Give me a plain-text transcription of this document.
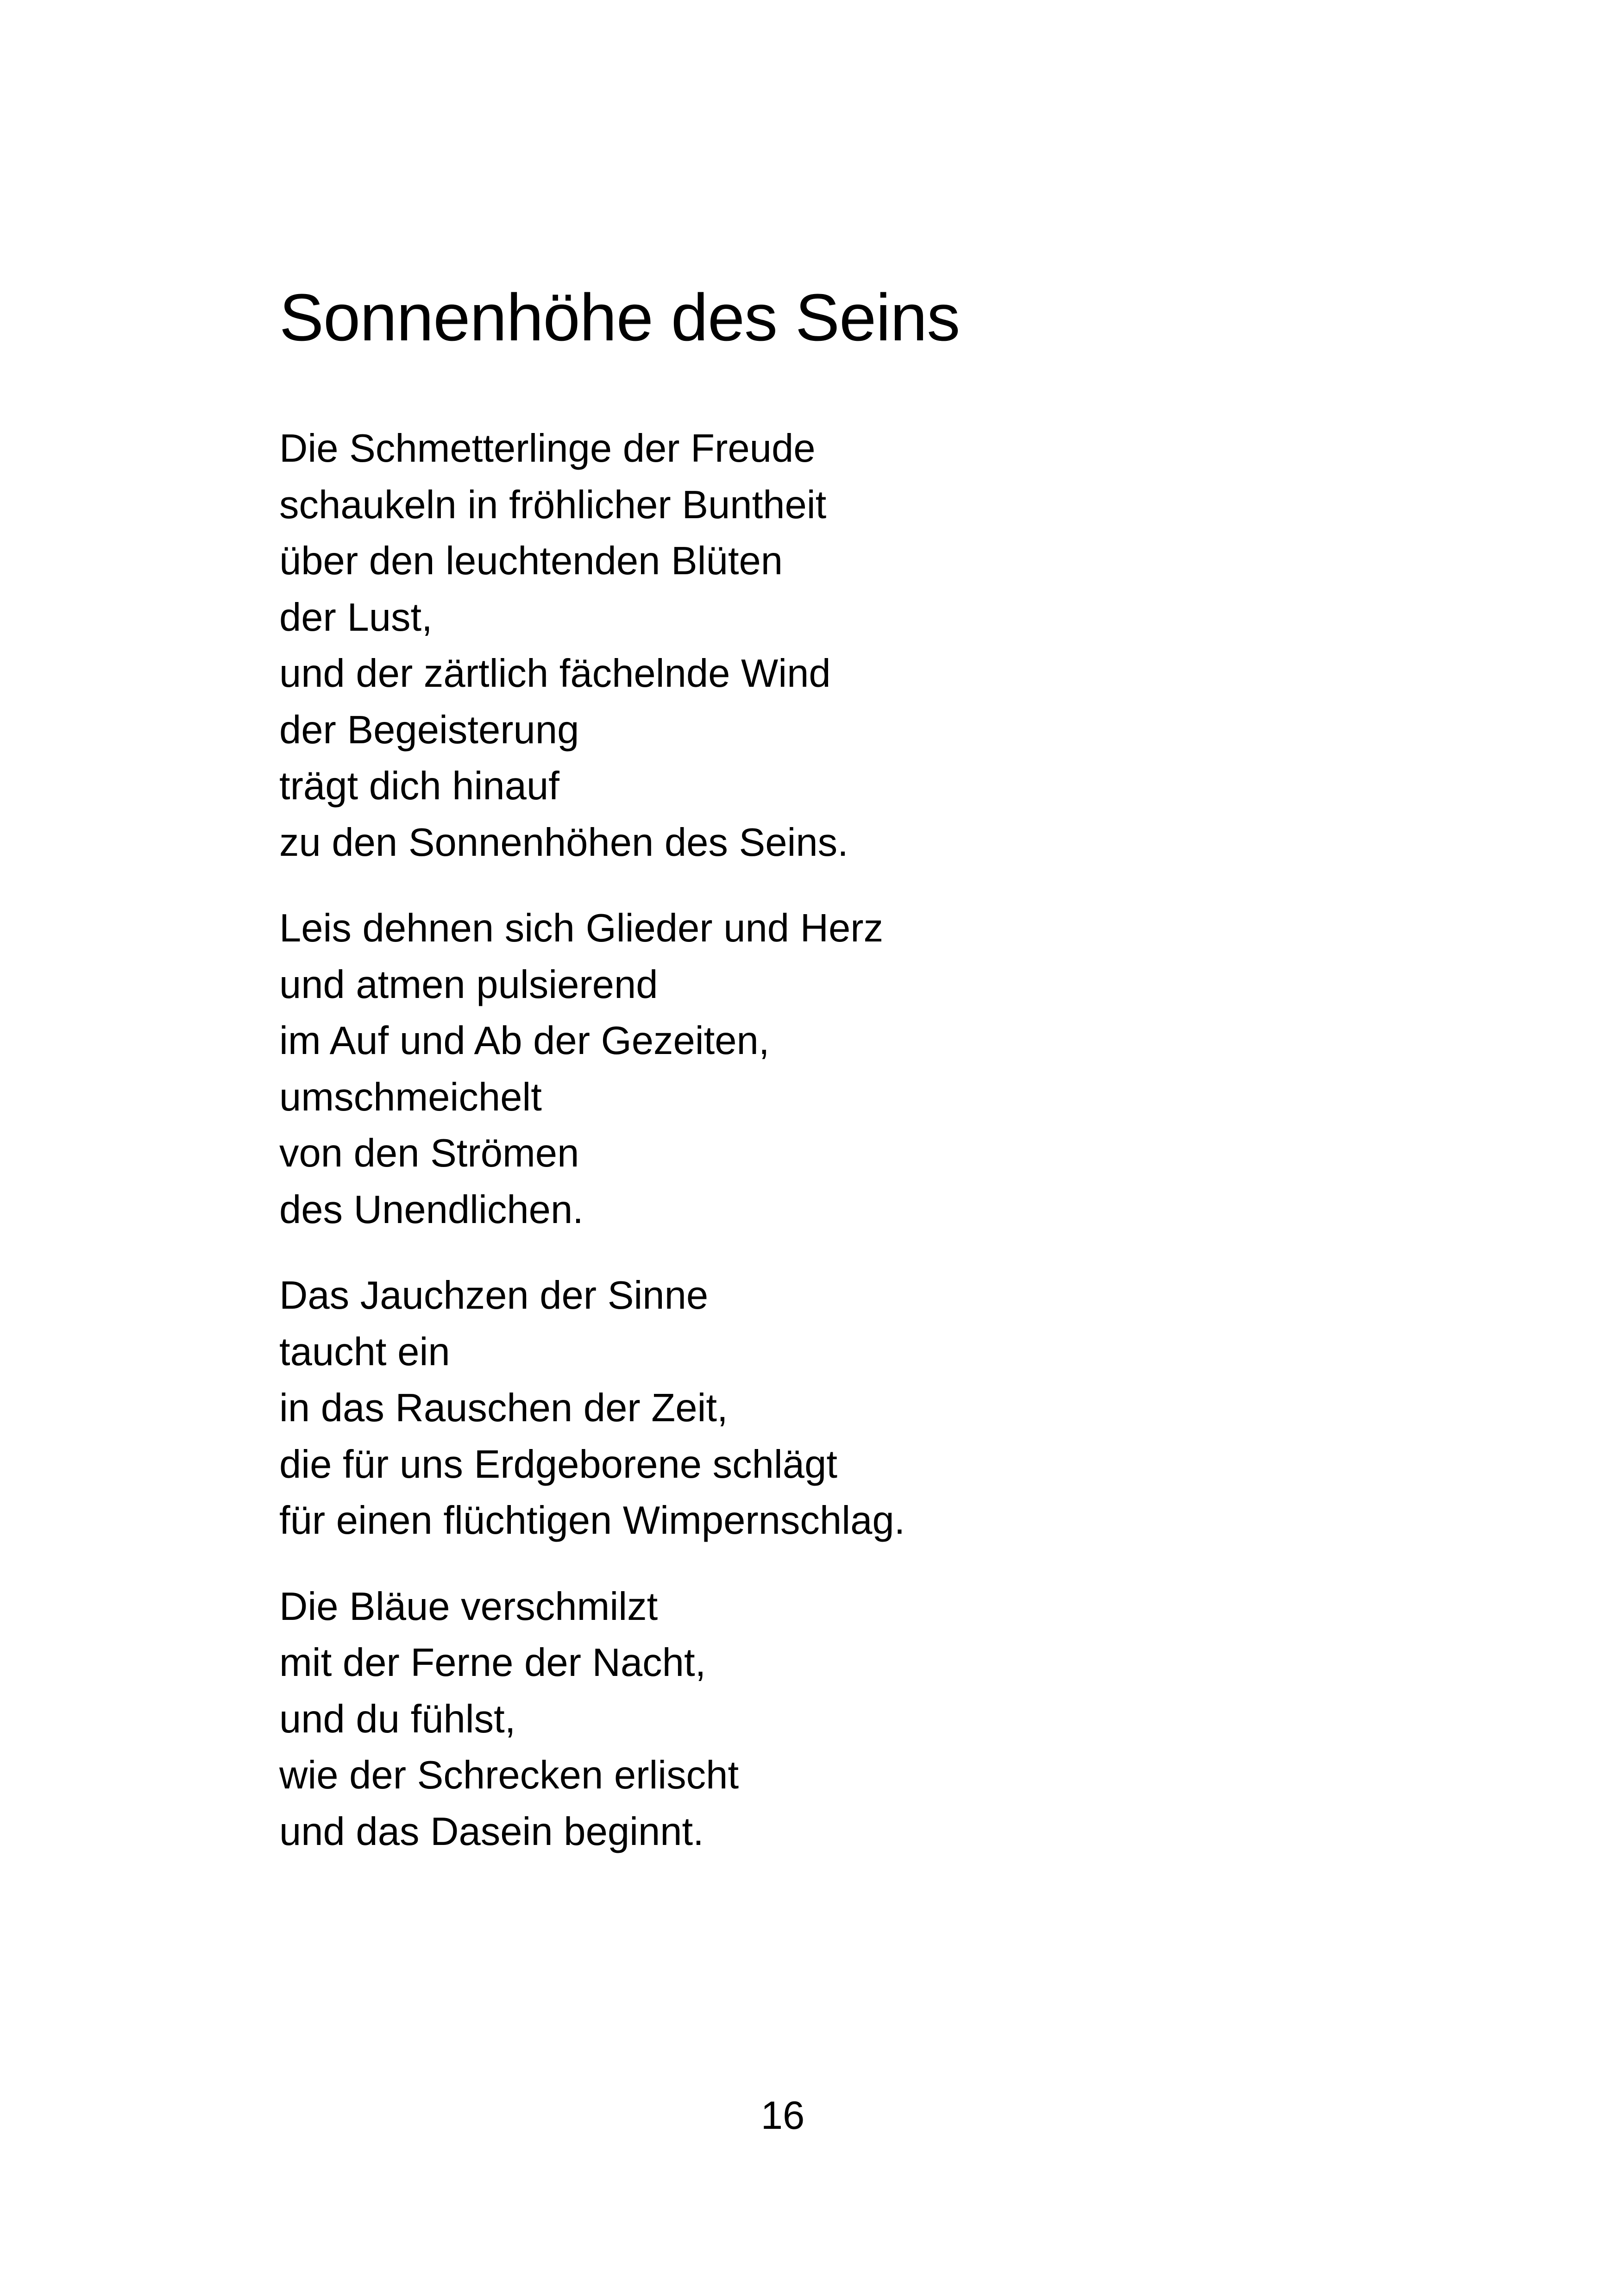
Sonnenhöhe des Seins
Die Schmetterlinge der Freude
schaukeln in fröhlicher Buntheit
über den leuchtenden Blüten
der Lust,
und der zärtlich fächelnde Wind
der Begeisterung
trägt dich hinauf
zu den Sonnenhöhen des Seins.
Leis dehnen sich Glieder und Herz
und atmen pulsierend
im Auf und Ab der Gezeiten,
umschmeichelt
von den Strömen
des Unendlichen.
Das Jauchzen der Sinne
taucht ein
in das Rauschen der Zeit,
die für uns Erdgeborene schlägt
für einen flüchtigen Wimpernschlag.
Die Bläue verschmilzt
mit der Ferne der Nacht,
und du fühlst,
wie der Schrecken erlischt
und das Dasein beginnt.
16
